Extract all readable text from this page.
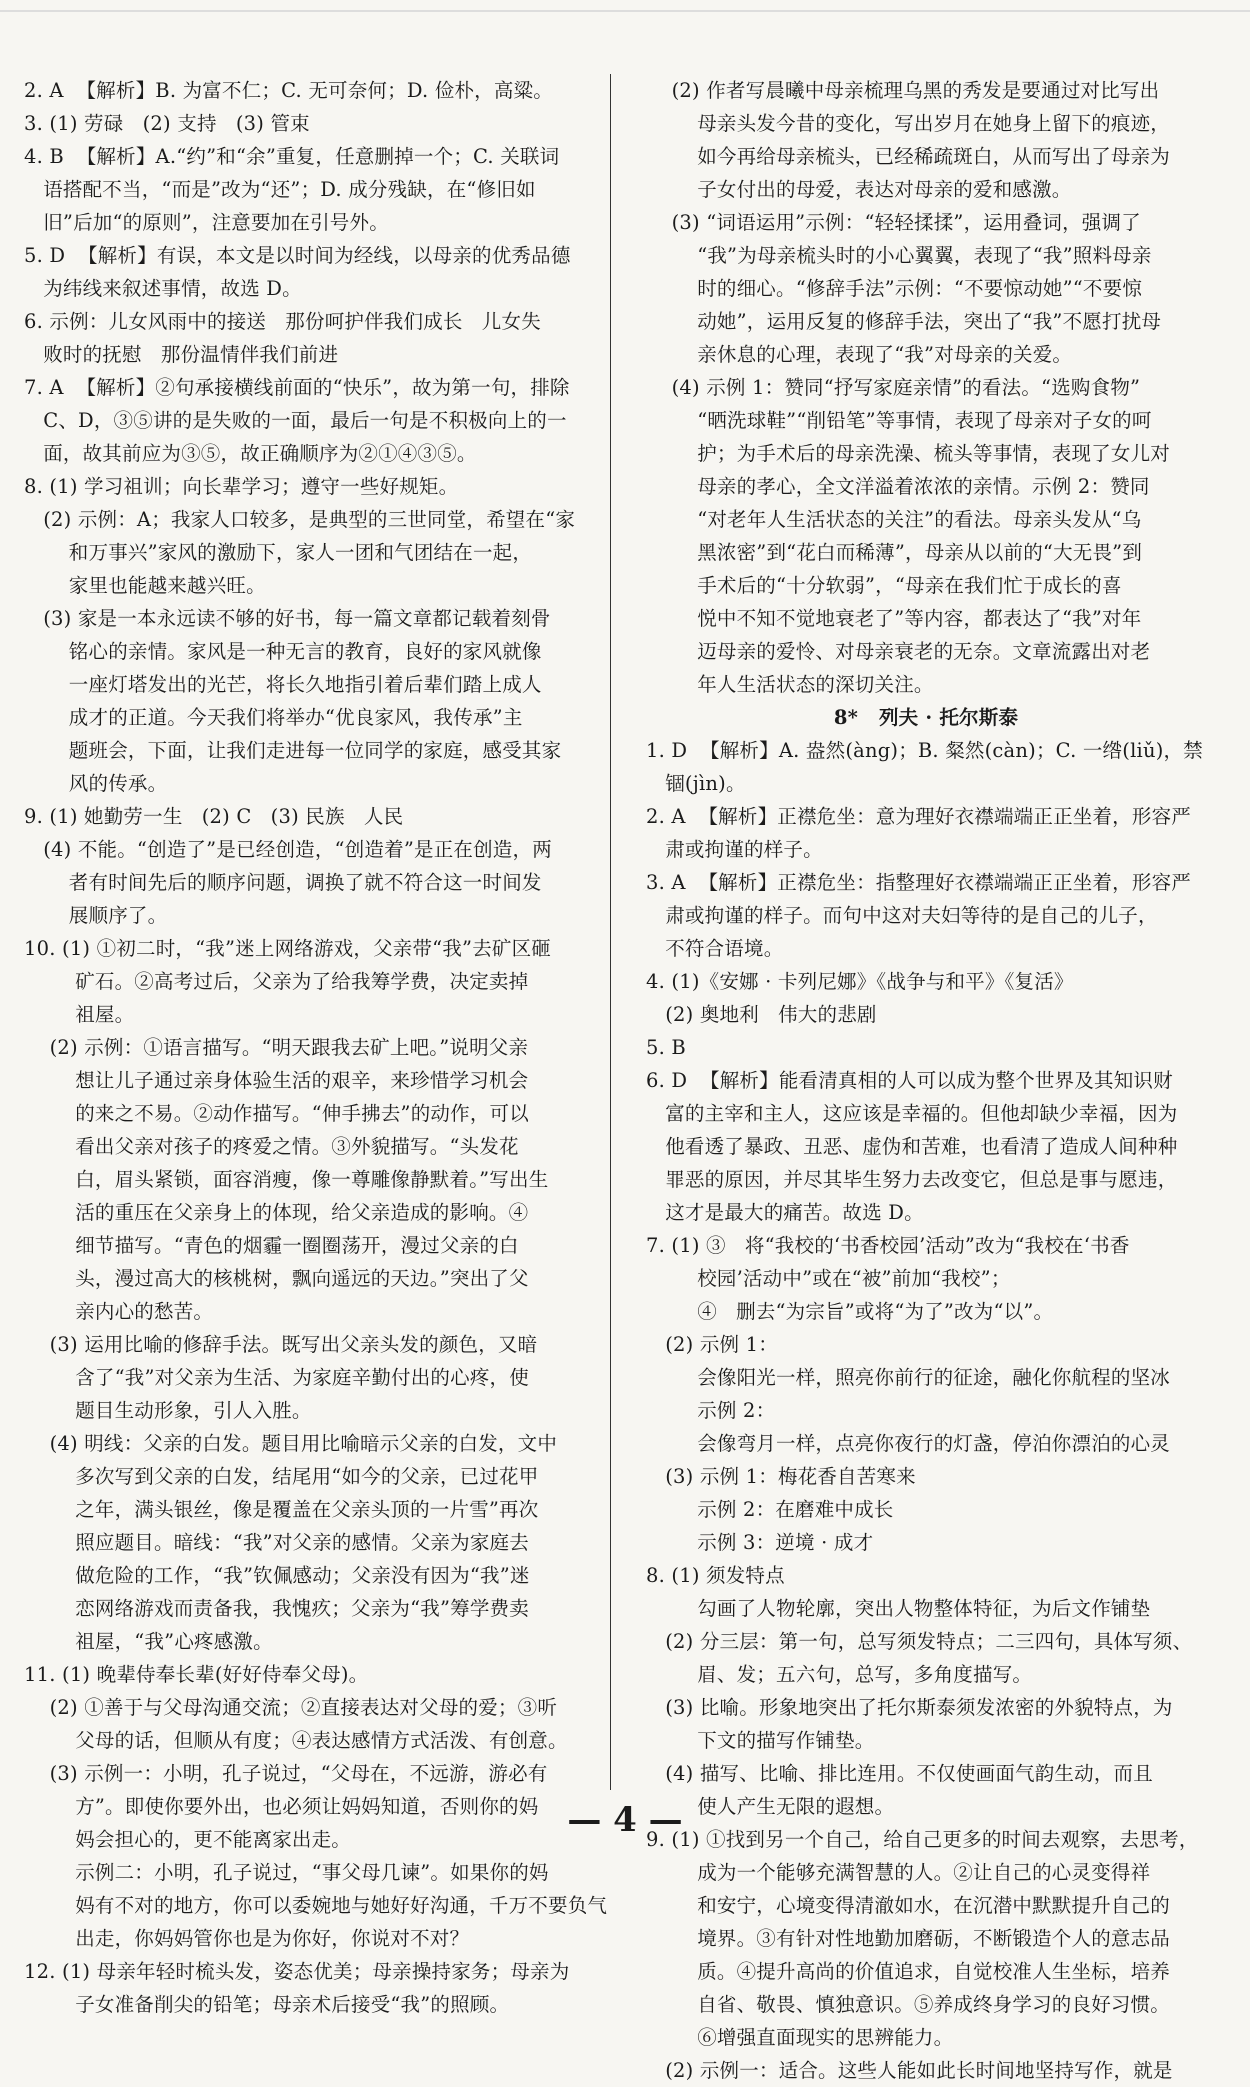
2. A  【解析】B. 为富不仁；C. 无可奈何；D. 俭朴，高粱。
3. (1) 劳碌   (2) 支持   (3) 管束
4. B  【解析】A.“约”和“余”重复，任意删掉一个；C. 关联词
语搭配不当，“而是”改为“还”；D. 成分残缺，在“修旧如
旧”后加“的原则”，注意要加在引号外。
5. D  【解析】有误，本文是以时间为经线，以母亲的优秀品德
为纬线来叙述事情，故选 D。
6. 示例：儿女风雨中的接送   那份呵护伴我们成长   儿女失
败时的抚慰   那份温情伴我们前进
7. A  【解析】②句承接横线前面的“快乐”，故为第一句，排除
C、D，③⑤讲的是失败的一面，最后一句是不积极向上的一
面，故其前应为③⑤，故正确顺序为②①④③⑤。
8. (1) 学习祖训；向长辈学习；遵守一些好规矩。
(2) 示例：A；我家人口较多，是典型的三世同堂，希望在“家
和万事兴”家风的激励下，家人一团和气团结在一起，
家里也能越来越兴旺。
(3) 家是一本永远读不够的好书，每一篇文章都记载着刻骨
铭心的亲情。家风是一种无言的教育，良好的家风就像
一座灯塔发出的光芒，将长久地指引着后辈们踏上成人
成才的正道。今天我们将举办“优良家风，我传承”主
题班会，下面，让我们走进每一位同学的家庭，感受其家
风的传承。
9. (1) 她勤劳一生   (2) C   (3) 民族   人民
(4) 不能。“创造了”是已经创造，“创造着”是正在创造，两
者有时间先后的顺序问题，调换了就不符合这一时间发
展顺序了。
10. (1) ①初二时，“我”迷上网络游戏，父亲带“我”去矿区砸
矿石。②高考过后，父亲为了给我筹学费，决定卖掉
祖屋。
(2) 示例：①语言描写。“明天跟我去矿上吧。”说明父亲
想让儿子通过亲身体验生活的艰辛，来珍惜学习机会
的来之不易。②动作描写。“伸手拂去”的动作，可以
看出父亲对孩子的疼爱之情。③外貌描写。“头发花
白，眉头紧锁，面容消瘦，像一尊雕像静默着。”写出生
活的重压在父亲身上的体现，给父亲造成的影响。④
细节描写。“青色的烟霾一圈圈荡开，漫过父亲的白
头，漫过高大的核桃树，飘向遥远的天边。”突出了父
亲内心的愁苦。
(3) 运用比喻的修辞手法。既写出父亲头发的颜色，又暗
含了“我”对父亲为生活、为家庭辛勤付出的心疼，使
题目生动形象，引人入胜。
(4) 明线：父亲的白发。题目用比喻暗示父亲的白发，文中
多次写到父亲的白发，结尾用“如今的父亲，已过花甲
之年，满头银丝，像是覆盖在父亲头顶的一片雪”再次
照应题目。暗线：“我”对父亲的感情。父亲为家庭去
做危险的工作，“我”钦佩感动；父亲没有因为“我”迷
恋网络游戏而责备我，我愧疚；父亲为“我”筹学费卖
祖屋，“我”心疼感激。
11. (1) 晚辈侍奉长辈(好好侍奉父母)。
(2) ①善于与父母沟通交流；②直接表达对父母的爱；③听
父母的话，但顺从有度；④表达感情方式活泼、有创意。
(3) 示例一：小明，孔子说过，“父母在，不远游，游必有
方”。即使你要外出，也必须让妈妈知道，否则你的妈
妈会担心的，更不能离家出走。
示例二：小明，孔子说过，“事父母几谏”。如果你的妈
妈有不对的地方，你可以委婉地与她好好沟通，千万不要负气
出走，你妈妈管你也是为你好，你说对不对？
12. (1) 母亲年轻时梳头发，姿态优美；母亲操持家务；母亲为
子女准备削尖的铅笔；母亲术后接受“我”的照顾。
(2) 作者写晨曦中母亲梳理乌黑的秀发是要通过对比写出
母亲头发今昔的变化，写出岁月在她身上留下的痕迹，
如今再给母亲梳头，已经稀疏斑白，从而写出了母亲为
子女付出的母爱，表达对母亲的爱和感激。
(3) “词语运用”示例：“轻轻揉揉”，运用叠词，强调了
“我”为母亲梳头时的小心翼翼，表现了“我”照料母亲
时的细心。“修辞手法”示例：“不要惊动她”“不要惊
动她”，运用反复的修辞手法，突出了“我”不愿打扰母
亲休息的心理，表现了“我”对母亲的关爱。
(4) 示例 1：赞同“抒写家庭亲情”的看法。“选购食物”
“晒洗球鞋”“削铅笔”等事情，表现了母亲对子女的呵
护；为手术后的母亲洗澡、梳头等事情，表现了女儿对
母亲的孝心，全文洋溢着浓浓的亲情。示例 2：赞同
“对老年人生活状态的关注”的看法。母亲头发从“乌
黑浓密”到“花白而稀薄”，母亲从以前的“大无畏”到
手术后的“十分软弱”，“母亲在我们忙于成长的喜
悦中不知不觉地衰老了”等内容，都表达了“我”对年
迈母亲的爱怜、对母亲衰老的无奈。文章流露出对老
年人生活状态的深切关注。
8*   列夫 · 托尔斯泰
1. D  【解析】A. 盎然(àng)；B. 粲然(càn)；C. 一绺(liǔ)，禁
锢(jìn)。
2. A  【解析】正襟危坐：意为理好衣襟端端正正坐着，形容严
肃或拘谨的样子。
3. A  【解析】正襟危坐：指整理好衣襟端端正正坐着，形容严
肃或拘谨的样子。而句中这对夫妇等待的是自己的儿子，
不符合语境。
4. (1)《安娜 · 卡列尼娜》《战争与和平》《复活》
(2) 奥地利   伟大的悲剧
5. B
6. D  【解析】能看清真相的人可以成为整个世界及其知识财
富的主宰和主人，这应该是幸福的。但他却缺少幸福，因为
他看透了暴政、丑恶、虚伪和苦难，也看清了造成人间种种
罪恶的原因，并尽其毕生努力去改变它，但总是事与愿违，
这才是最大的痛苦。故选 D。
7. (1) ③   将“我校的‘书香校园’活动”改为“我校在‘书香
校园’活动中”或在“被”前加“我校”；
④   删去“为宗旨”或将“为了”改为“以”。
(2) 示例 1：
会像阳光一样，照亮你前行的征途，融化你航程的坚冰
示例 2：
会像弯月一样，点亮你夜行的灯盏，停泊你漂泊的心灵
(3) 示例 1：梅花香自苦寒来
示例 2：在磨难中成长
示例 3：逆境 · 成才
8. (1) 须发特点
勾画了人物轮廓，突出人物整体特征，为后文作铺垫
(2) 分三层：第一句，总写须发特点；二三四句，具体写须、
眉、发；五六句，总写，多角度描写。
(3) 比喻。形象地突出了托尔斯泰须发浓密的外貌特点，为
下文的描写作铺垫。
(4) 描写、比喻、排比连用。不仅使画面气韵生动，而且
使人产生无限的遐想。
9. (1) ①找到另一个自己，给自己更多的时间去观察，去思考，
成为一个能够充满智慧的人。②让自己的心灵变得祥
和安宁，心境变得清澈如水，在沉潜中默默提升自己的
境界。③有针对性地勤加磨砺，不断锻造个人的意志品
质。④提升高尚的价值追求，自觉校准人生坐标，培养
自省、敬畏、慎独意识。⑤养成终身学习的良好习惯。
⑥增强直面现实的思辨能力。
(2) 示例一：适合。这些人能如此长时间地坚持写作，就是
— 4 —
